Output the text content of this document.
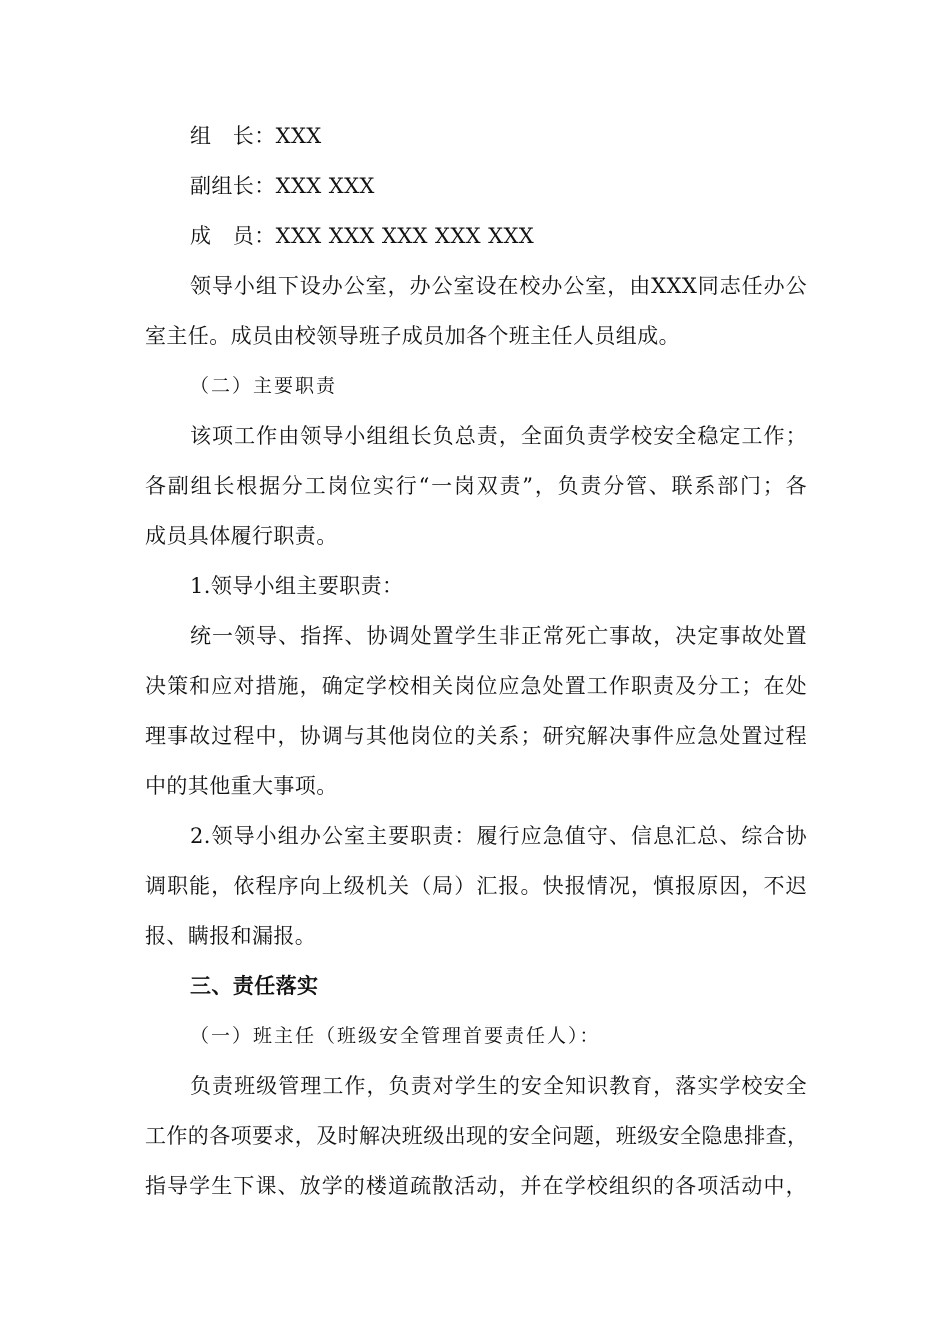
组　长：XXX
副组长：XXX XXX
成　员：XXX XXX XXX XXX XXX
领导小组下设办公室，办公室设在校办公室，由XXX同志任办公
室主任。成员由校领导班子成员加各个班主任人员组成。
（二）主要职责
该项工作由领导小组组长负总责，全面负责学校安全稳定工作；
各副组长根据分工岗位实行“一岗双责”，负责分管、联系部门；各
成员具体履行职责。
1.领导小组主要职责：
统一领导、指挥、协调处置学生非正常死亡事故，决定事故处置
决策和应对措施，确定学校相关岗位应急处置工作职责及分工；在处
理事故过程中，协调与其他岗位的关系；研究解决事件应急处置过程
中的其他重大事项。
2.领导小组办公室主要职责：履行应急值守、信息汇总、综合协
调职能，依程序向上级机关（局）汇报。快报情况，慎报原因，不迟
报、瞒报和漏报。
三、责任落实
（一）班主任（班级安全管理首要责任人）：
负责班级管理工作，负责对学生的安全知识教育，落实学校安全
工作的各项要求，及时解决班级出现的安全问题，班级安全隐患排查，
指导学生下课、放学的楼道疏散活动，并在学校组织的各项活动中，
